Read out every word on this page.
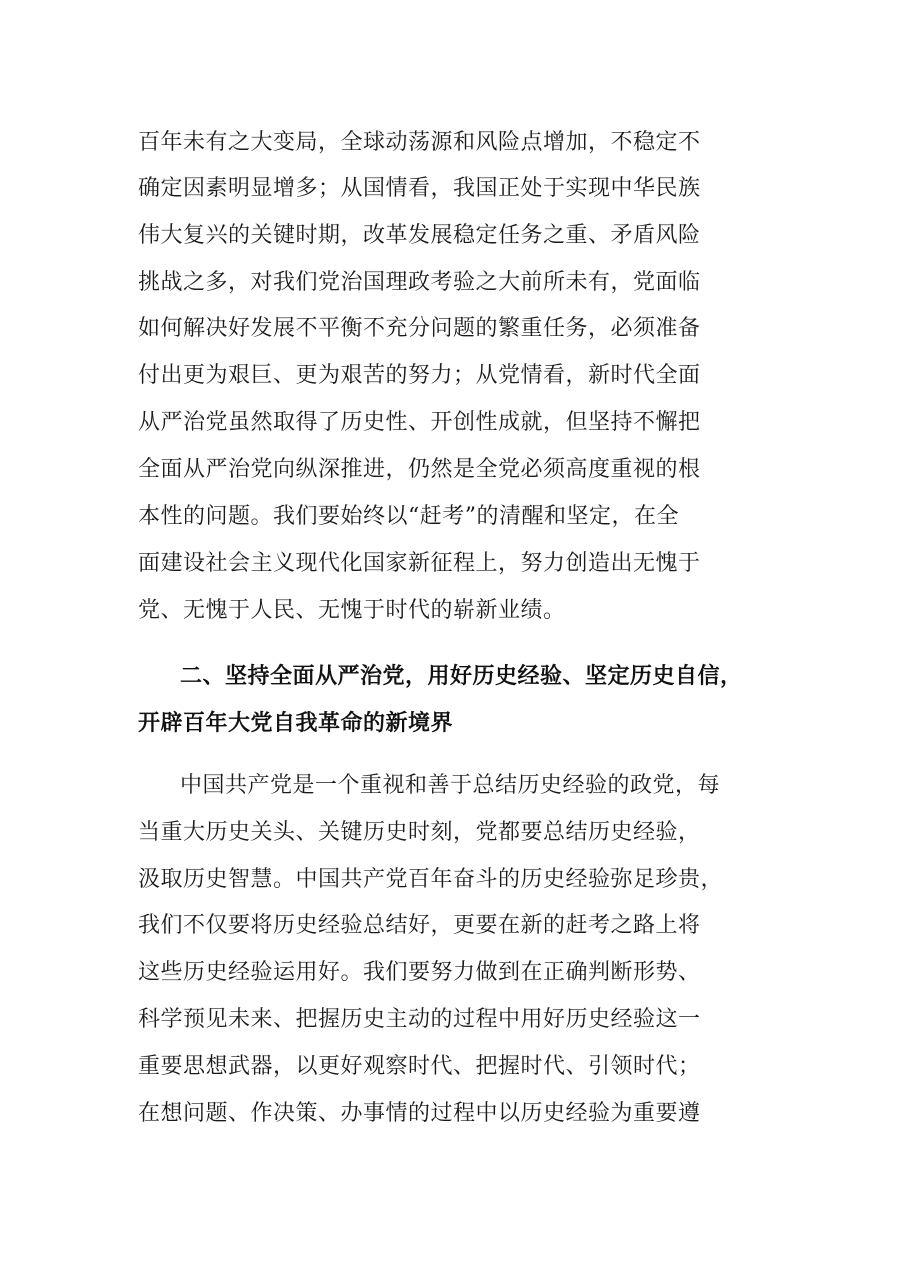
百年未有之大变局，全球动荡源和风险点增加，不稳定不
确定因素明显增多；从国情看，我国正处于实现中华民族
伟大复兴的关键时期，改革发展稳定任务之重、矛盾风险
挑战之多，对我们党治国理政考验之大前所未有，党面临
如何解决好发展不平衡不充分问题的繁重任务，必须准备
付出更为艰巨、更为艰苦的努力；从党情看，新时代全面
从严治党虽然取得了历史性、开创性成就，但坚持不懈把
全面从严治党向纵深推进，仍然是全党必须高度重视的根
本性的问题。我们要始终以“赶考”的清醒和坚定，在全
面建设社会主义现代化国家新征程上，努力创造出无愧于
党、无愧于人民、无愧于时代的崭新业绩。
二、坚持全面从严治党，用好历史经验、坚定历史自信，
开辟百年大党自我革命的新境界
中国共产党是一个重视和善于总结历史经验的政党，每
当重大历史关头、关键历史时刻，党都要总结历史经验，
汲取历史智慧。中国共产党百年奋斗的历史经验弥足珍贵，
我们不仅要将历史经验总结好，更要在新的赶考之路上将
这些历史经验运用好。我们要努力做到在正确判断形势、
科学预见未来、把握历史主动的过程中用好历史经验这一
重要思想武器，以更好观察时代、把握时代、引领时代；
在想问题、作决策、办事情的过程中以历史经验为重要遵
